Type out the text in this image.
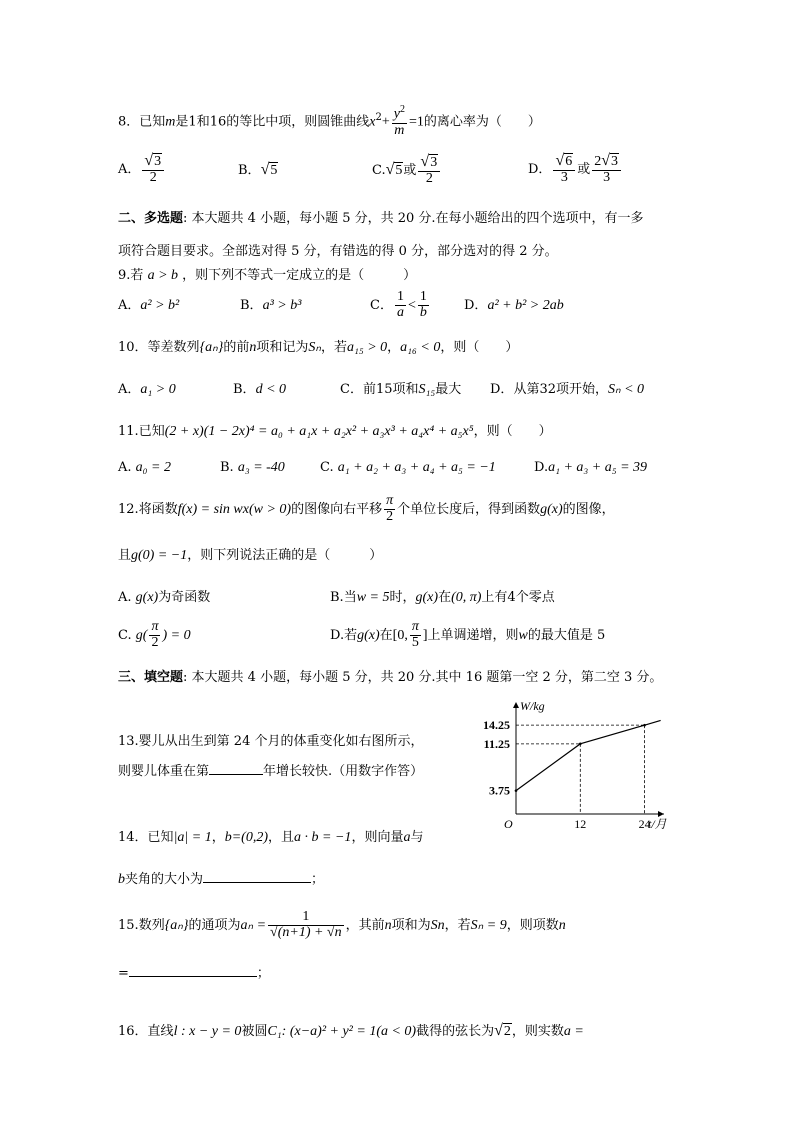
8．已知m是1和16的等比中项，则圆锥曲线$x^2+ \frac{y^2}{m} =1$的离心率为（　　）
A． $\frac{√3}{2}$	B．√5	C.√5或 $\frac{√3}{2}$	D． $\frac{√6}{3}$ 或 $\frac{2√3}{3}$
二、多选题: 本大题共 4 小题，每小题 5 分，共 20 分.在每小题给出的四个选项中，有一多
项符合题目要求。全部选对得 5 分，有错选的得 0 分，部分选对的得 2 分。
9.若 a > b ，则下列不等式一定成立的是（　　　）
A．a² > b²	B．a³ > b³	C． $\frac{1}{a} < \frac{1}{b}$	D．a² + b² > 2ab
10．等差数列{aₙ}的前n项和记为Sₙ，若a₁₅ > 0，a₁₆ < 0，则（　　）
A．a₁ > 0	B．d < 0	C．前15项和S₁₅最大 D．从第32项开始，Sₙ < 0
11.已知(2 + x)(1 − 2x)⁴ = a₀ + a₁x + a₂x² + a₃x³ + a₄x⁴ + a₅x⁵，则（　　）
A. a₀ = 2	B. a₃ = -40	C. a₁ + a₂ + a₃ + a₄ + a₅ = −1	D.a₁ + a₃ + a₅ = 39
12.将函数f(x) = sin wx(w > 0)的图像向右平移 $\frac{\pi}{2}$ 个单位长度后，得到函数g(x)的图像，
且g(0) = −1，则下列说法正确的是（　　　）
A. g(x)为奇函数	B.当w = 5时，g(x)在(0, π)上有4个零点
C. $g( \frac{\pi}{2}$ ) = 0	D.若g(x)在[0, $\frac{\pi}{5}$ ]上单调递增，则w的最大值是 5
三、填空题: 本大题共 4 小题，每小题 5 分，共 20 分.其中 16 题第一空 2 分，第二空 3 分。
13.婴儿从出生到第 24 个月的体重变化如右图所示，
则婴儿体重在第	年增长较快.（用数字作答）
W/kg
t/月
O	12	24
3.75
11.25
14.25
14．已知|a| = 1，b=(0,2)，且a · b = −1，则向量a与
b夹角的大小为	；
15.数列{aₙ}的通项为$a_n = \frac{1}{√(n+1) + √n}$ ，其前n项和为Sn，若Sₙ = 9，则项数n
=	；
16．直线l : x − y = 0被圆C₁: (x−a)² + y² = 1(a < 0)截得的弦长为√2，则实数a =
